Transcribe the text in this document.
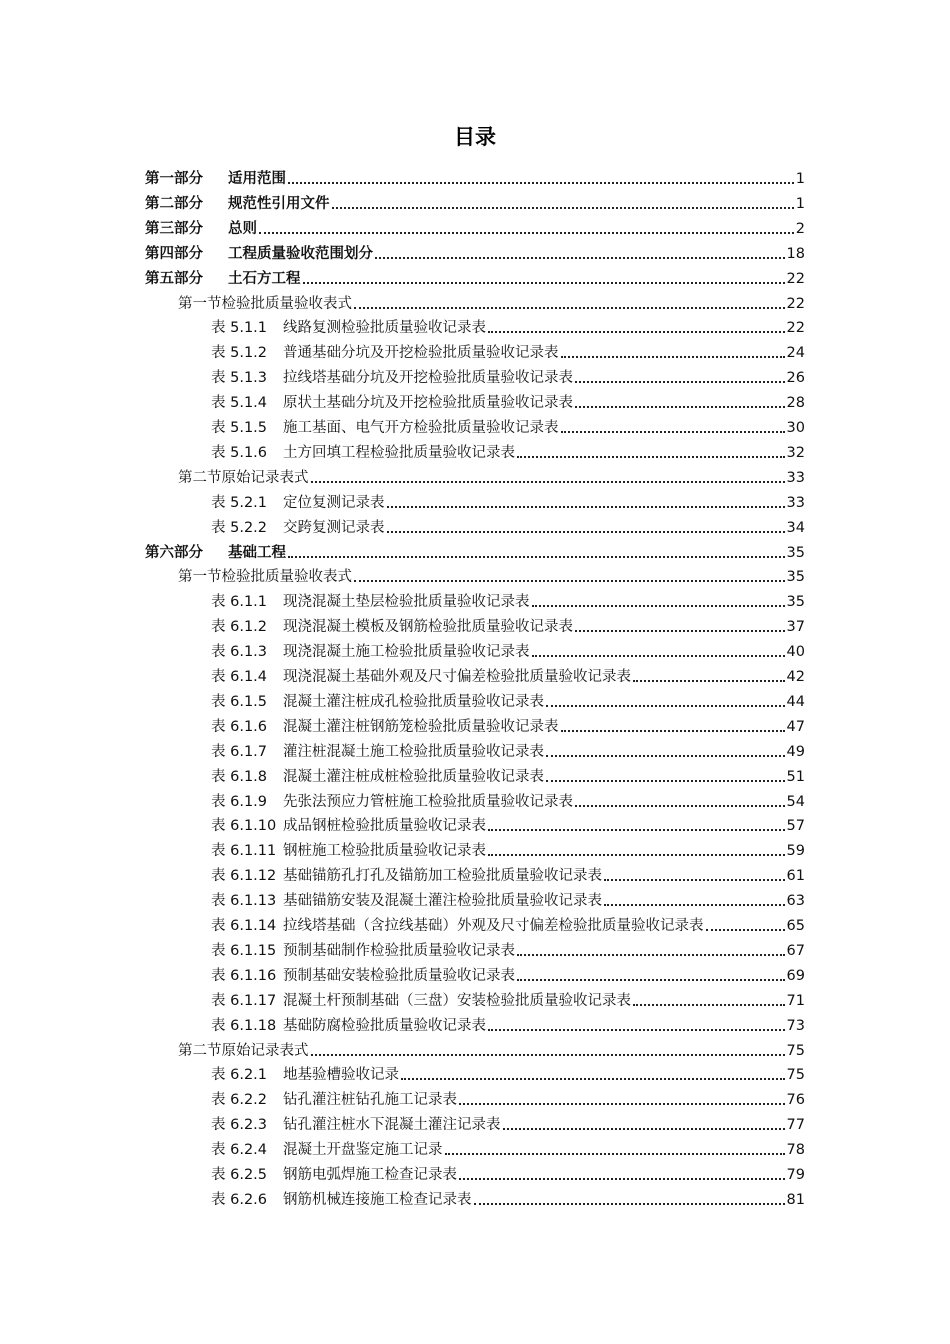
目录
第一部分	适用范围	1
第二部分	规范性引用文件	1
第三部分	总则	2
第四部分	工程质量验收范围划分	18
第五部分	土石方工程	22
第一节检验批质量验收表式	22
表 5.1.1	线路复测检验批质量验收记录表	22
表 5.1.2	普通基础分坑及开挖检验批质量验收记录表	24
表 5.1.3	拉线塔基础分坑及开挖检验批质量验收记录表	26
表 5.1.4	原状土基础分坑及开挖检验批质量验收记录表	28
表 5.1.5	施工基面、电气开方检验批质量验收记录表	30
表 5.1.6	土方回填工程检验批质量验收记录表	32
第二节原始记录表式	33
表 5.2.1	定位复测记录表	33
表 5.2.2	交跨复测记录表	34
第六部分	基础工程	35
第一节检验批质量验收表式	35
表 6.1.1	现浇混凝土垫层检验批质量验收记录表	35
表 6.1.2	现浇混凝土模板及钢筋检验批质量验收记录表	37
表 6.1.3	现浇混凝土施工检验批质量验收记录表	40
表 6.1.4	现浇混凝土基础外观及尺寸偏差检验批质量验收记录表	42
表 6.1.5	混凝土灌注桩成孔检验批质量验收记录表	44
表 6.1.6	混凝土灌注桩钢筋笼检验批质量验收记录表	47
表 6.1.7	灌注桩混凝土施工检验批质量验收记录表	49
表 6.1.8	混凝土灌注桩成桩检验批质量验收记录表	51
表 6.1.9	先张法预应力管桩施工检验批质量验收记录表	54
表 6.1.10 成品钢桩检验批质量验收记录表	57
表 6.1.11 钢桩施工检验批质量验收记录表	59
表 6.1.12 基础锚筋孔打孔及锚筋加工检验批质量验收记录表	61
表 6.1.13 基础锚筋安装及混凝土灌注检验批质量验收记录表	63
表 6.1.14 拉线塔基础（含拉线基础）外观及尺寸偏差检验批质量验收记录表	65
表 6.1.15 预制基础制作检验批质量验收记录表	67
表 6.1.16 预制基础安装检验批质量验收记录表	69
表 6.1.17 混凝土杆预制基础（三盘）安装检验批质量验收记录表	71
表 6.1.18 基础防腐检验批质量验收记录表	73
第二节原始记录表式	75
表 6.2.1	地基验槽验收记录	75
表 6.2.2	钻孔灌注桩钻孔施工记录表	76
表 6.2.3	钻孔灌注桩水下混凝土灌注记录表	77
表 6.2.4	混凝土开盘鉴定施工记录	78
表 6.2.5	钢筋电弧焊施工检查记录表	79
表 6.2.6	钢筋机械连接施工检查记录表	81
